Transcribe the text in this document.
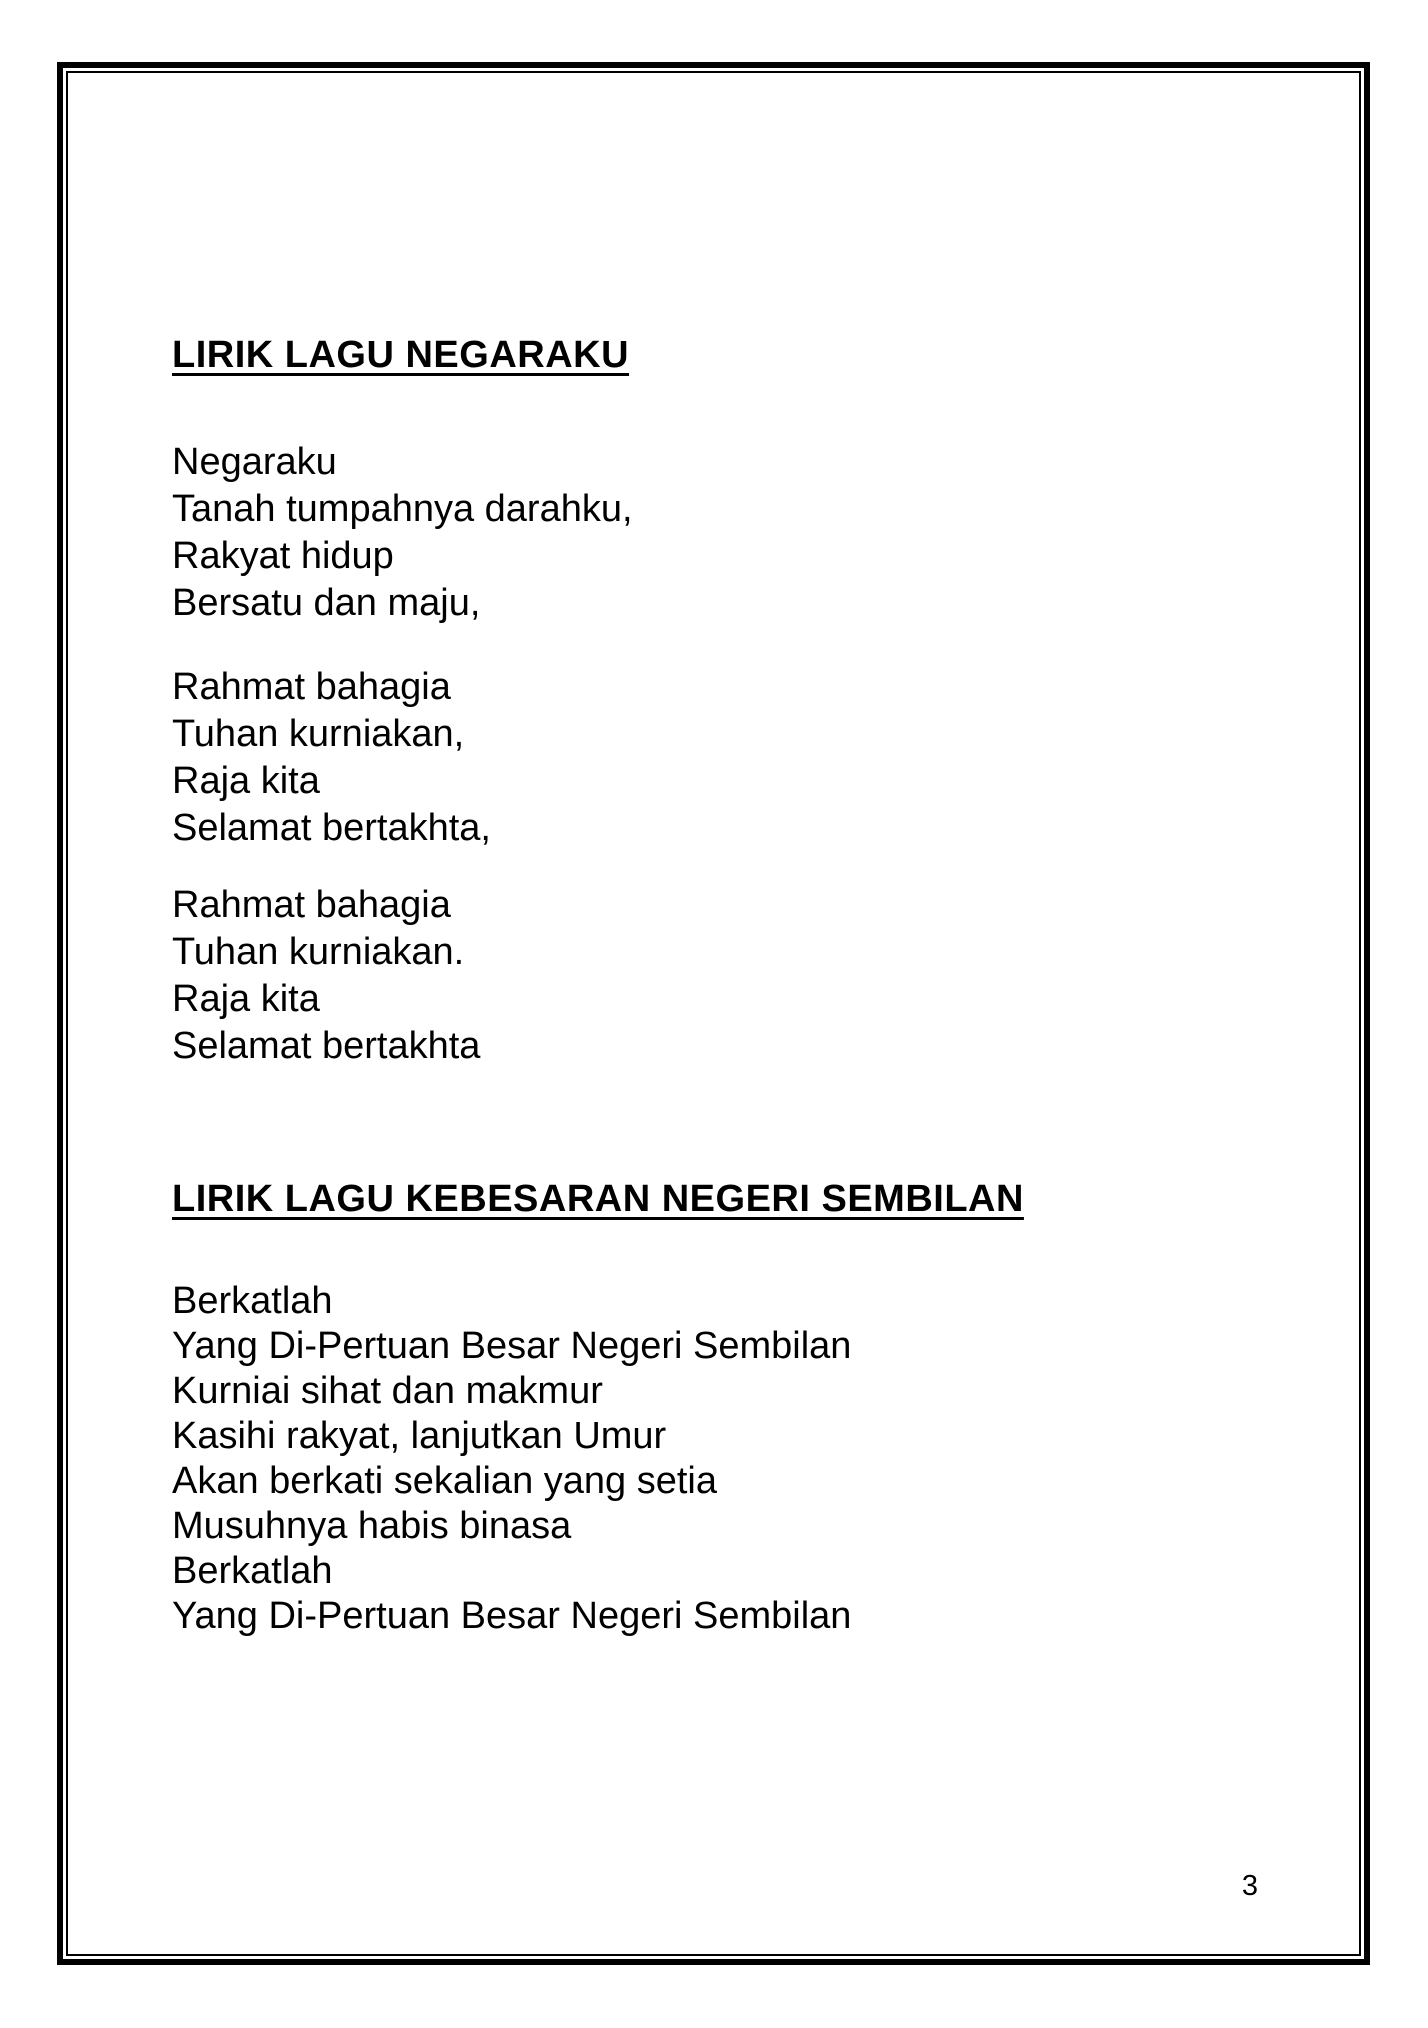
LIRIK LAGU NEGARAKU

Negaraku

Tanah tumpahnya darahku,

Rakyat hidup

Bersatu dan maju,

Rahmat bahagia

Tuhan kurniakan,

Raja kita

Selamat bertakhta,

Rahmat bahagia

Tuhan kurniakan.

Raja kita

Selamat bertakhta

LIRIK LAGU KEBESARAN NEGERI SEMBILAN

Berkatlah

Yang Di-Pertuan Besar Negeri Sembilan

Kurniai sihat dan makmur

Kasihi rakyat, lanjutkan Umur

Akan berkati sekalian yang setia

Musuhnya habis binasa

Berkatlah

Yang Di-Pertuan Besar Negeri Sembilan

3
